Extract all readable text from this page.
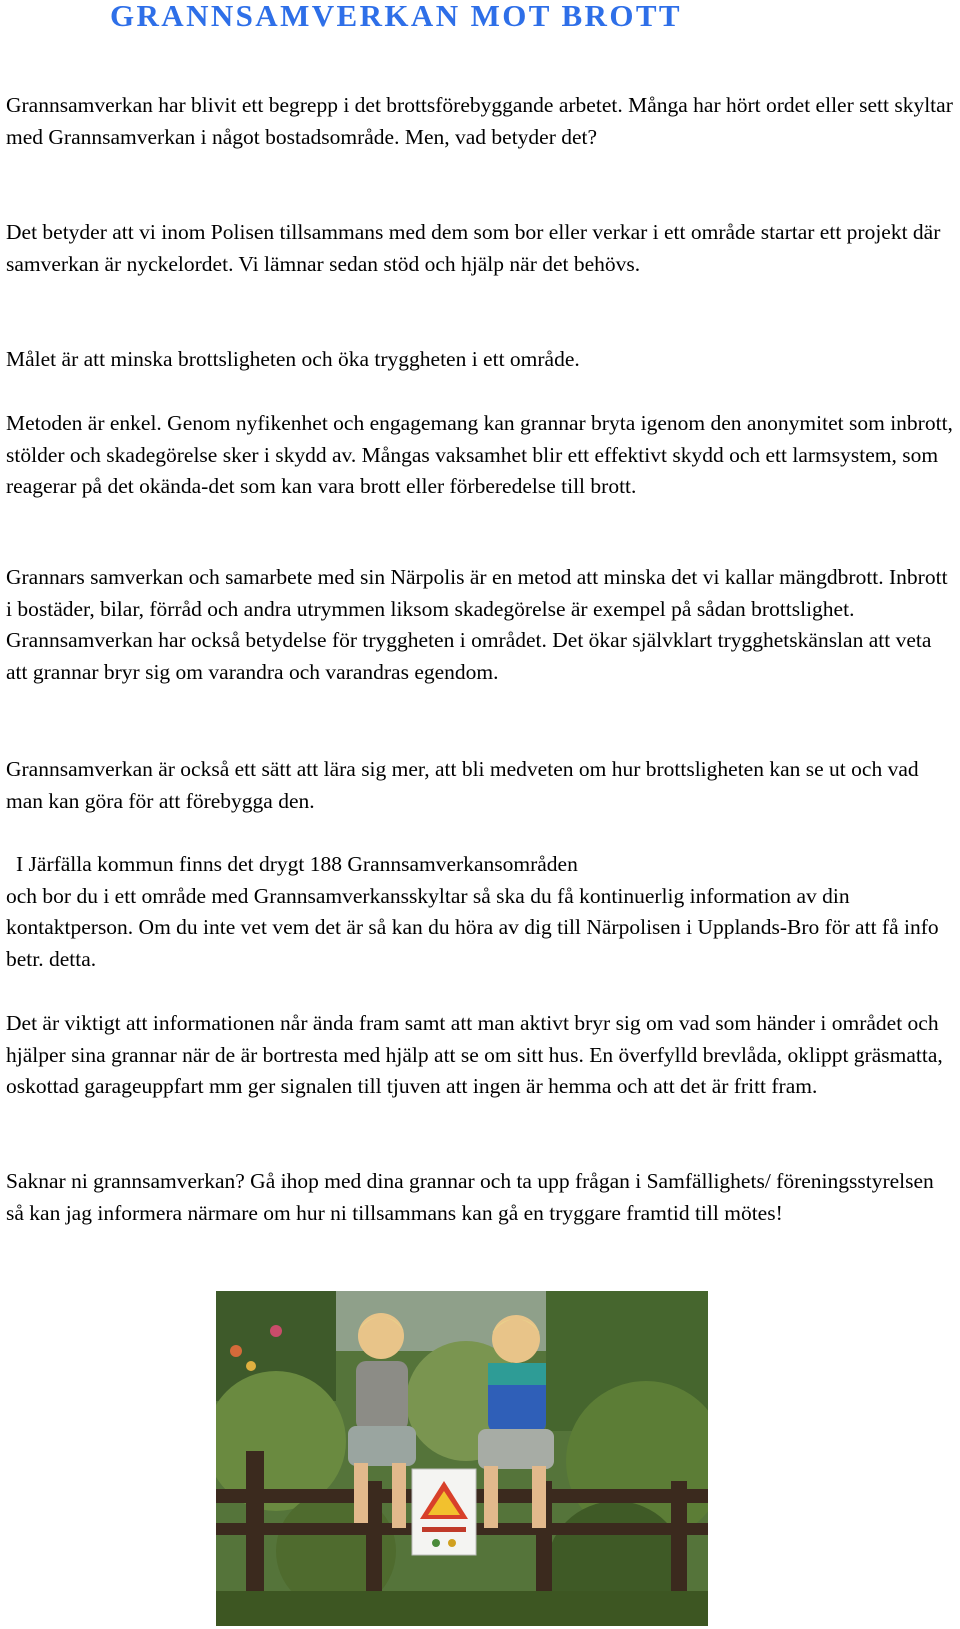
GRANNSAMVERKAN MOT BROTT

Grannsamverkan har blivit ett begrepp i det brottsförebyggande arbetet. Många har hört ordet eller sett skyltar med Grannsamverkan i något bostadsområde. Men, vad betyder det?

Det betyder att vi inom Polisen tillsammans med dem som bor eller verkar i ett område startar ett projekt där samverkan är nyckelordet. Vi lämnar sedan stöd och hjälp när det behövs.

Målet är att minska brottsligheten och öka tryggheten i ett område.

Metoden är enkel. Genom nyfikenhet och engagemang kan grannar bryta igenom den anonymitet som inbrott, stölder och skadegörelse sker i skydd av. Mångas vaksamhet blir ett effektivt skydd och ett larmsystem, som reagerar på det okända-det som kan vara brott eller förberedelse till brott.

Grannars samverkan och samarbete med sin Närpolis är en metod att minska det vi kallar mängdbrott. Inbrott i bostäder, bilar, förråd och andra utrymmen liksom skadegörelse är exempel på sådan brottslighet. Grannsamverkan har också betydelse för tryggheten i området. Det ökar självklart trygghetskänslan att veta att grannar bryr sig om varandra och varandras egendom.

Grannsamverkan är också ett sätt att lära sig mer, att bli medveten om hur brottsligheten kan se ut och vad man kan göra för att förebygga den.

I Järfälla kommun finns det drygt 188 Grannsamverkansområden
och bor du i ett område med Grannsamverkansskyltar så ska du få kontinuerlig information av din kontaktperson. Om du inte vet vem det är så kan du höra av dig till Närpolisen i Upplands-Bro för att få info betr. detta.

Det är viktigt att informationen når ända fram samt att man aktivt bryr sig om vad som händer i området och hjälper sina grannar när de är bortresta med hjälp att se om sitt hus. En överfylld brevlåda, oklippt gräsmatta, oskottad garageuppfart mm ger signalen till tjuven att ingen är hemma och att det är fritt fram.

Saknar ni grannsamverkan? Gå ihop med dina grannar och ta upp frågan i Samfällighets/ föreningsstyrelsen så kan jag informera närmare om hur ni tillsammans kan gå en tryggare framtid till mötes!
